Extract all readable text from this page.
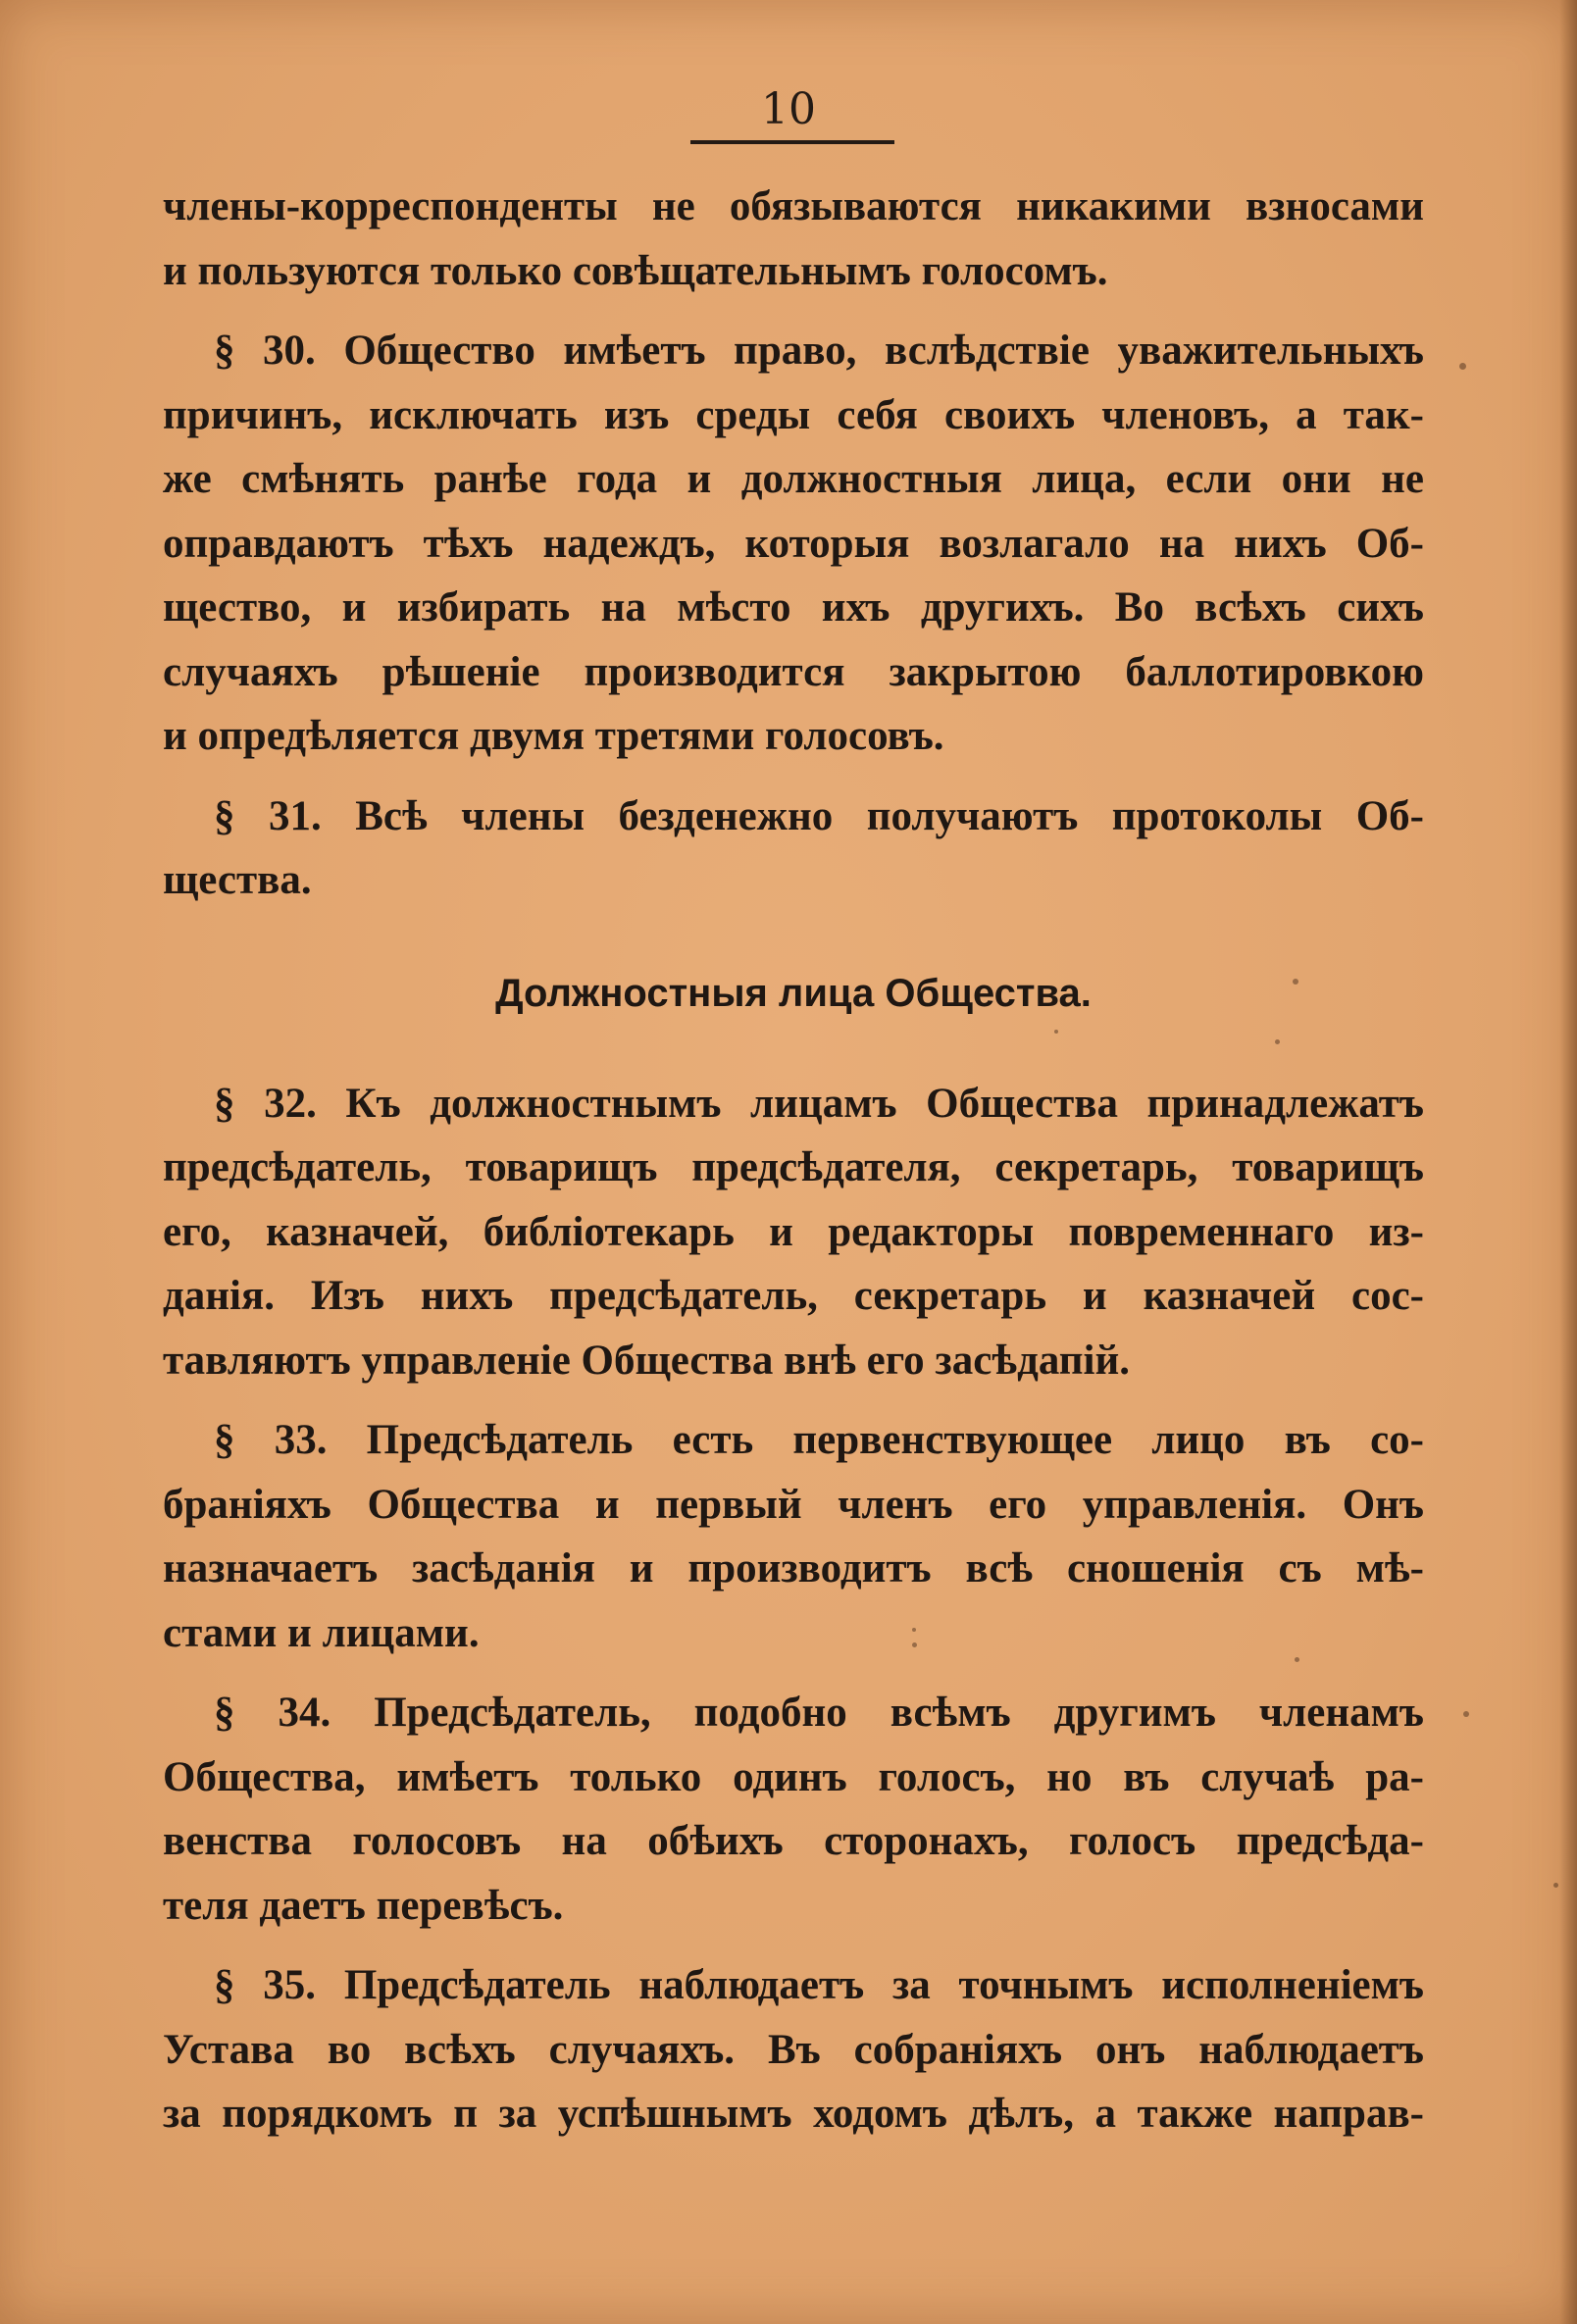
10

члены-корреспонденты не обязываются никакими взносами
и пользуются только совѣщательнымъ голосомъ.

§ 30. Общество имѣетъ право, вслѣдствіе уважительныхъ
причинъ, исключать изъ среды себя своихъ членовъ, а так-
же смѣнять ранѣе года и должностныя лица, если они не
оправдаютъ тѣхъ надеждъ, которыя возлагало на нихъ Об-
щество, и избирать на мѣсто ихъ другихъ. Во всѣхъ сихъ
случаяхъ рѣшеніе производится закрытою баллотировкою
и опредѣляется двумя третями голосовъ.

§ 31. Всѣ члены безденежно получаютъ протоколы Об-
щества.

Должностныя лица Общества.

§ 32. Къ должностнымъ лицамъ Общества принадлежатъ
предсѣдатель, товарищъ предсѣдателя, секретарь, товарищъ
его, казначей, библіотекарь и редакторы повременнаго из-
данія. Изъ нихъ предсѣдатель, секретарь и казначей сос-
тавляютъ управленіе Общества внѣ его засѣдапій.

§ 33. Предсѣдатель есть первенствующее лицо въ со-
браніяхъ Общества и первый членъ его управленія. Онъ
назначаетъ засѣданія и производитъ всѣ сношенія съ мѣ-
стами и лицами.

§ 34. Предсѣдатель, подобно всѣмъ другимъ членамъ
Общества, имѣетъ только одинъ голосъ, но въ случаѣ ра-
венства голосовъ на обѣихъ сторонахъ, голосъ предсѣда-
теля даетъ перевѣсъ.

§ 35. Предсѣдатель наблюдаетъ за точнымъ исполненіемъ
Устава во всѣхъ случаяхъ. Въ собраніяхъ онъ наблюдаетъ
за порядкомъ п за успѣшнымъ ходомъ дѣлъ, а также направ-
